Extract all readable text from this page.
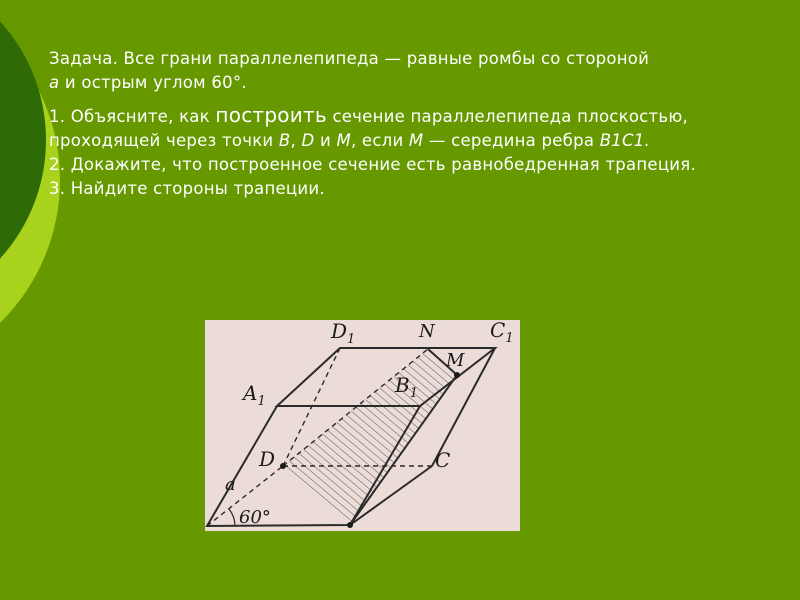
Задача. Все грани параллелепипеда — равные ромбы со стороной
a и острым углом 60°.

1. Объясните, как построить сечение параллелепипеда плоскостью, проходящей через точки B, D и M, если M — середина ребра B1C1.

2. Докажите, что построенное сечение есть равнобедренная трапеция.

3. Найдите стороны трапеции.

$D_1$	N	$C_1$
M
$A_1$
$B_1$
D	C
a
60°
